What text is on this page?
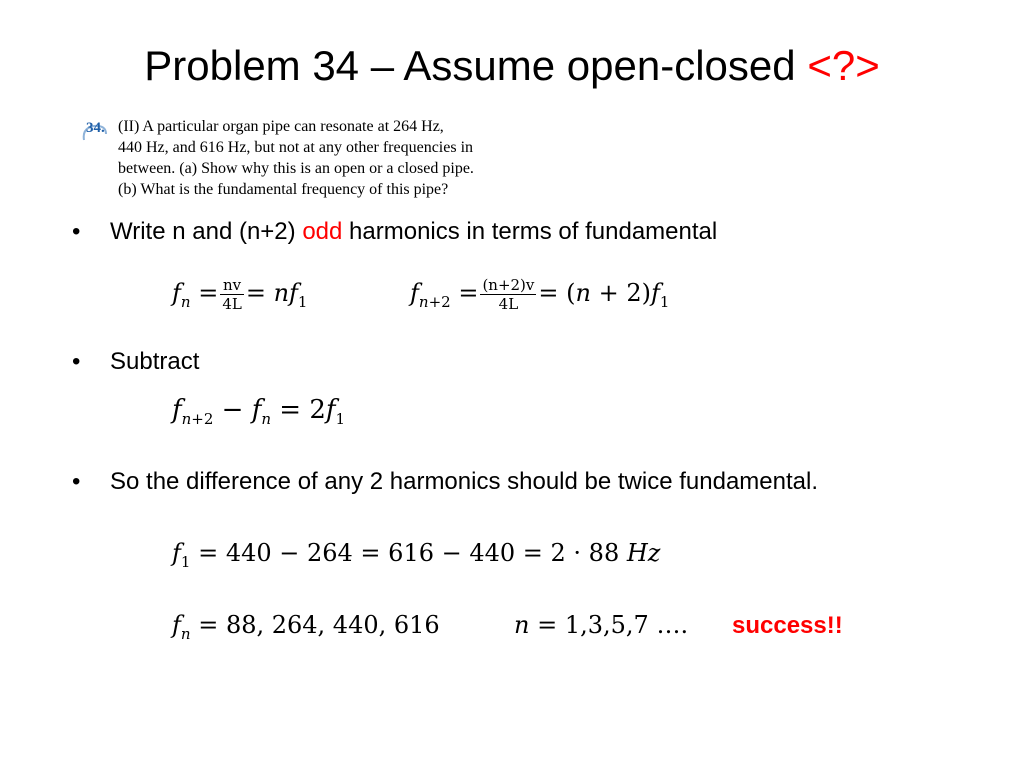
Problem 34 – Assume open-closed <?>
34. (II) A particular organ pipe can resonate at 264 Hz,
440 Hz, and 616 Hz, but not at any other frequencies in
between. (a) Show why this is an open or a closed pipe.
(b) What is the fundamental frequency of this pipe?
• Write n and (n+2) odd harmonics in terms of fundamental
$f_n = \frac{nv}{4L} = nf_1$	$f_{n+2} = \frac{(n+2)v}{4L} = (n + 2)f_1$
• Subtract
$f_{n+2} - f_n = 2f_1$
• So the difference of any 2 harmonics should be twice fundamental.
$f_1 = 440 - 264 = 616 - 440 = 2 \cdot 88$ Hz
$f_n = 88$, 264, 440, 616	n = 1,3,5,7 …. success!!
